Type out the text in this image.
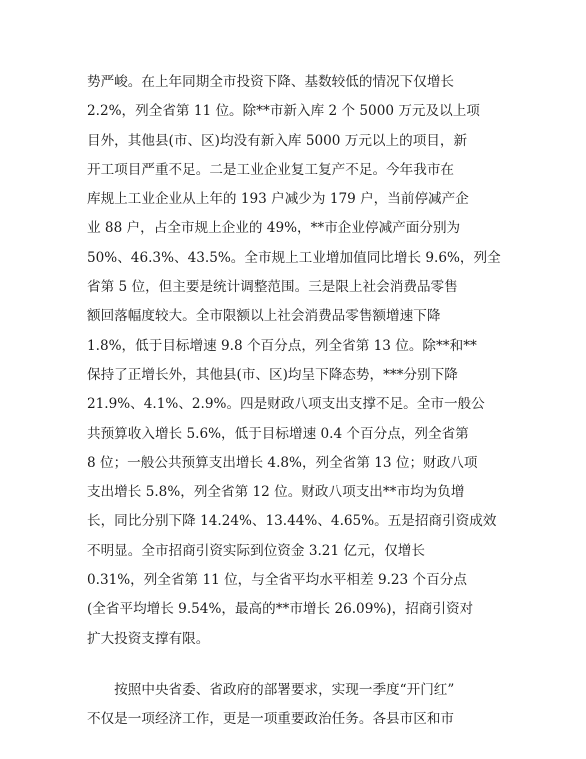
势严峻。在上年同期全市投资下降、基数较低的情况下仅增长
2.2%，列全省第 11 位。除**市新入库 2 个 5000 万元及以上项
目外，其他县(市、区)均没有新入库 5000 万元以上的项目，新
开工项目严重不足。二是工业企业复工复产不足。今年我市在
库规上工业企业从上年的 193 户减少为 179 户，当前停减产企
业 88 户，占全市规上企业的 49%，**市企业停减产面分别为
50%、46.3%、43.5%。全市规上工业增加值同比增长 9.6%，列全
省第 5 位，但主要是统计调整范围。三是限上社会消费品零售
额回落幅度较大。全市限额以上社会消费品零售额增速下降
1.8%，低于目标增速 9.8 个百分点，列全省第 13 位。除**和**
保持了正增长外，其他县(市、区)均呈下降态势，***分别下降
21.9%、4.1%、2.9%。四是财政八项支出支撑不足。全市一般公
共预算收入增长 5.6%，低于目标增速 0.4 个百分点，列全省第
8 位；一般公共预算支出增长 4.8%，列全省第 13 位；财政八项
支出增长 5.8%，列全省第 12 位。财政八项支出**市均为负增
长，同比分别下降 14.24%、13.44%、4.65%。五是招商引资成效
不明显。全市招商引资实际到位资金 3.21 亿元，仅增长
0.31%，列全省第 11 位，与全省平均水平相差 9.23 个百分点
(全省平均增长 9.54%，最高的**市增长 26.09%)，招商引资对
扩大投资支撑有限。
　　按照中央省委、省政府的部署要求，实现一季度“开门红”
不仅是一项经济工作，更是一项重要政治任务。各县市区和市
